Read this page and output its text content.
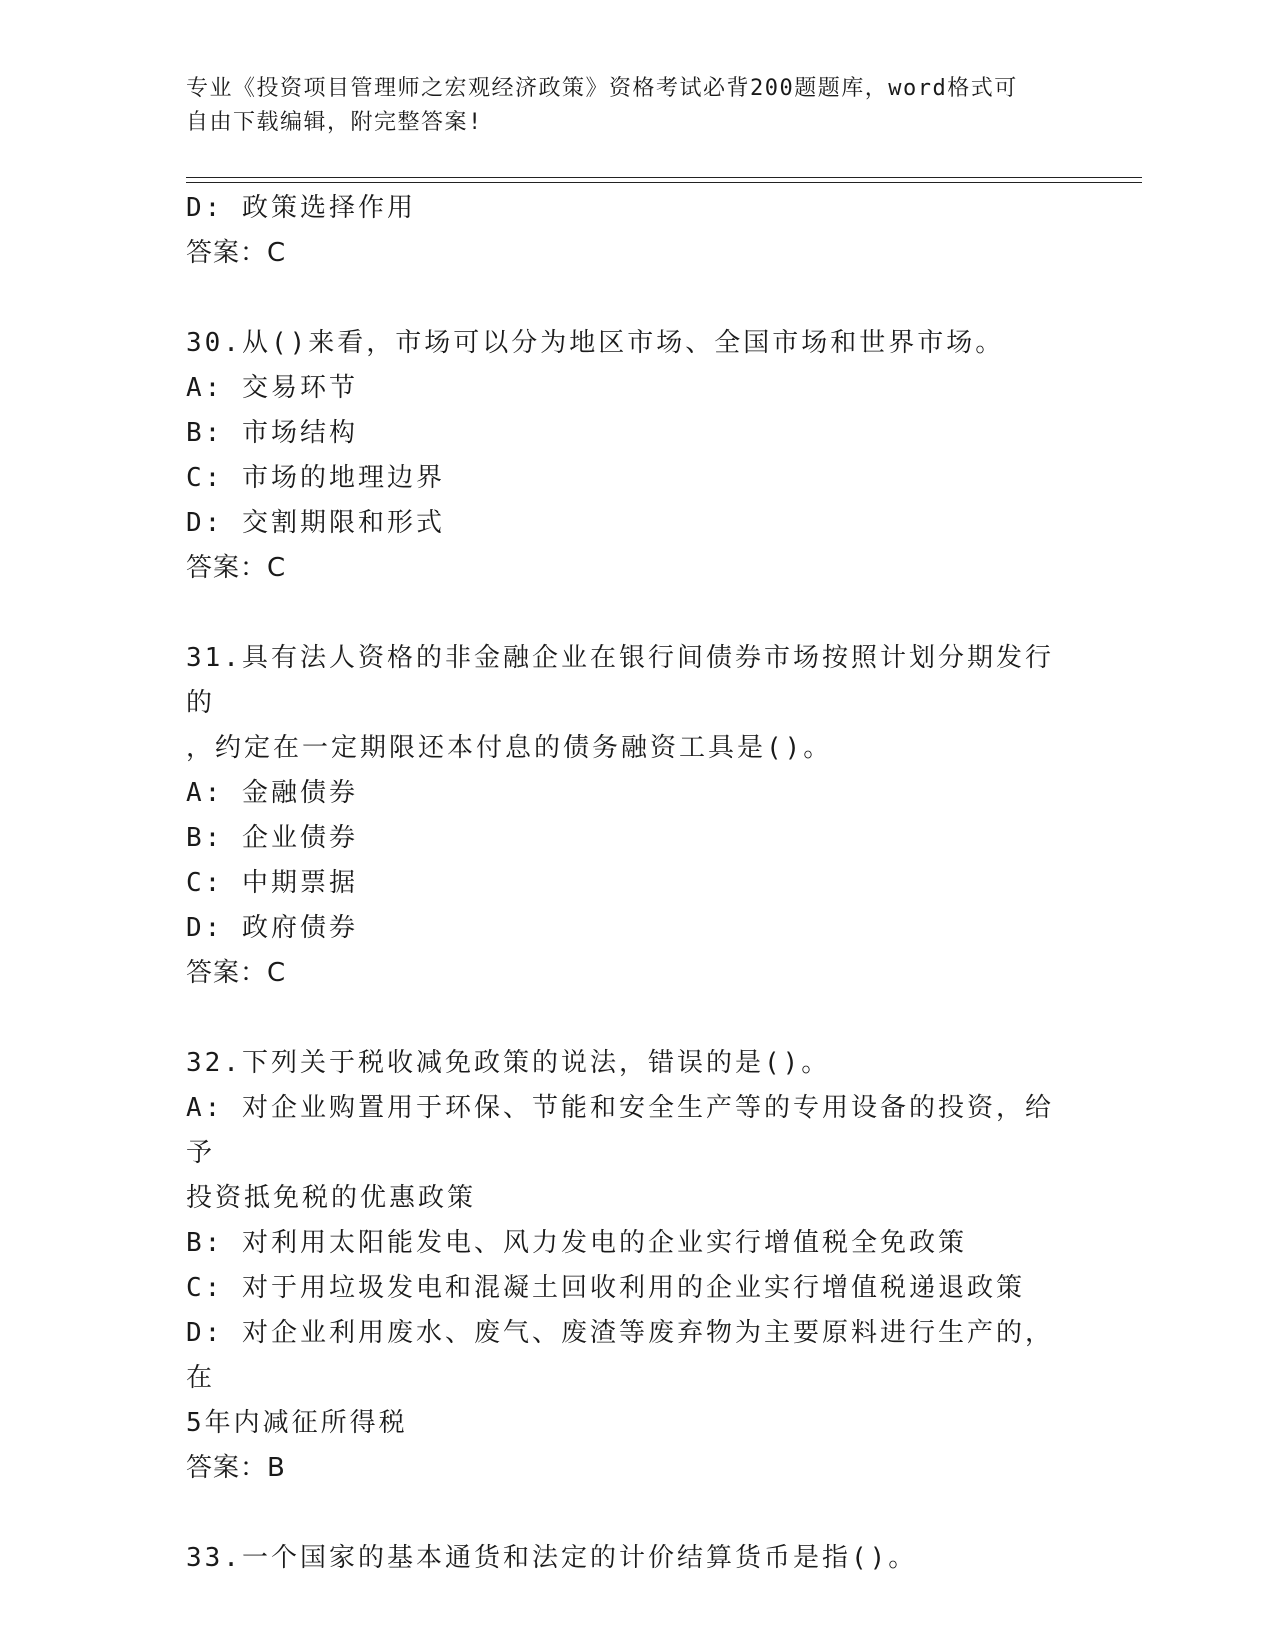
专业《投资项目管理师之宏观经济政策》资格考试必背200题题库，word格式可
自由下载编辑，附完整答案!
D: 政策选择作用
答案：C
30.从()来看，市场可以分为地区市场、全国市场和世界市场。
A: 交易环节
B: 市场结构
C: 市场的地理边界
D: 交割期限和形式
答案：C
31.具有法人资格的非金融企业在银行间债券市场按照计划分期发行的
，约定在一定期限还本付息的债务融资工具是()。
A: 金融债券
B: 企业债券
C: 中期票据
D: 政府债券
答案：C
32.下列关于税收减免政策的说法，错误的是()。
A: 对企业购置用于环保、节能和安全生产等的专用设备的投资，给予
投资抵免税的优惠政策
B: 对利用太阳能发电、风力发电的企业实行增值税全免政策
C: 对于用垃圾发电和混凝土回收利用的企业实行增值税递退政策
D: 对企业利用废水、废气、废渣等废弃物为主要原料进行生产的，在
5年内减征所得税
答案：B
33.一个国家的基本通货和法定的计价结算货币是指()。
